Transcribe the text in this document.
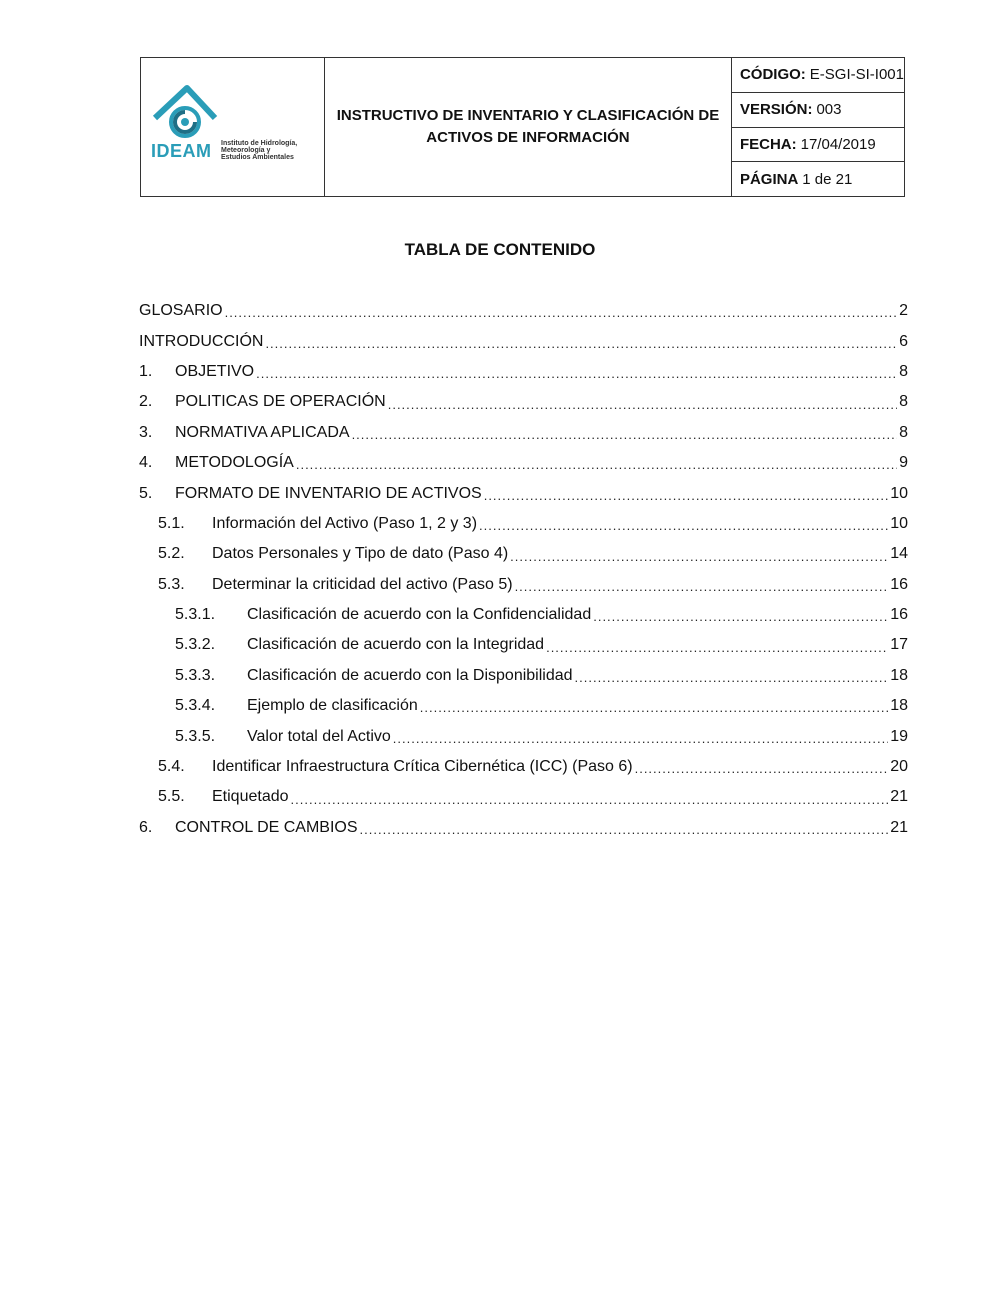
IDEAM Instituto de Hidrología,
Meteorología y
Estudios Ambientales
INSTRUCTIVO DE INVENTARIO Y CLASIFICACIÓN DE
ACTIVOS DE INFORMACIÓN
CÓDIGO: E-SGI-SI-I001
VERSIÓN: 003
FECHA: 17/04/2019
PÁGINA 1 de 21
TABLA DE CONTENIDO
GLOSARIO .....	2
INTRODUCCIÓN .....	6
1.	OBJETIVO .....	8
2.	POLITICAS DE OPERACIÓN .....	8
3.	NORMATIVA APLICADA .....	8
4.	METODOLOGÍA .....	9
5.	FORMATO DE INVENTARIO DE ACTIVOS .....	10
5.1.	Información del Activo (Paso 1, 2 y 3) .....	10
5.2.	Datos Personales y Tipo de dato (Paso 4) .....	14
5.3.	Determinar la criticidad del activo (Paso 5) .....	16
5.3.1.	Clasificación de acuerdo con la Confidencialidad .....	16
5.3.2.	Clasificación de acuerdo con la Integridad .....	17
5.3.3.	Clasificación de acuerdo con la Disponibilidad .....	18
5.3.4.	Ejemplo de clasificación .....	18
5.3.5.	Valor total del Activo .....	19
5.4.	Identificar Infraestructura Crítica Cibernética (ICC) (Paso 6) .....	20
5.5.	Etiquetado .....	21
6.	CONTROL DE CAMBIOS .....	21
